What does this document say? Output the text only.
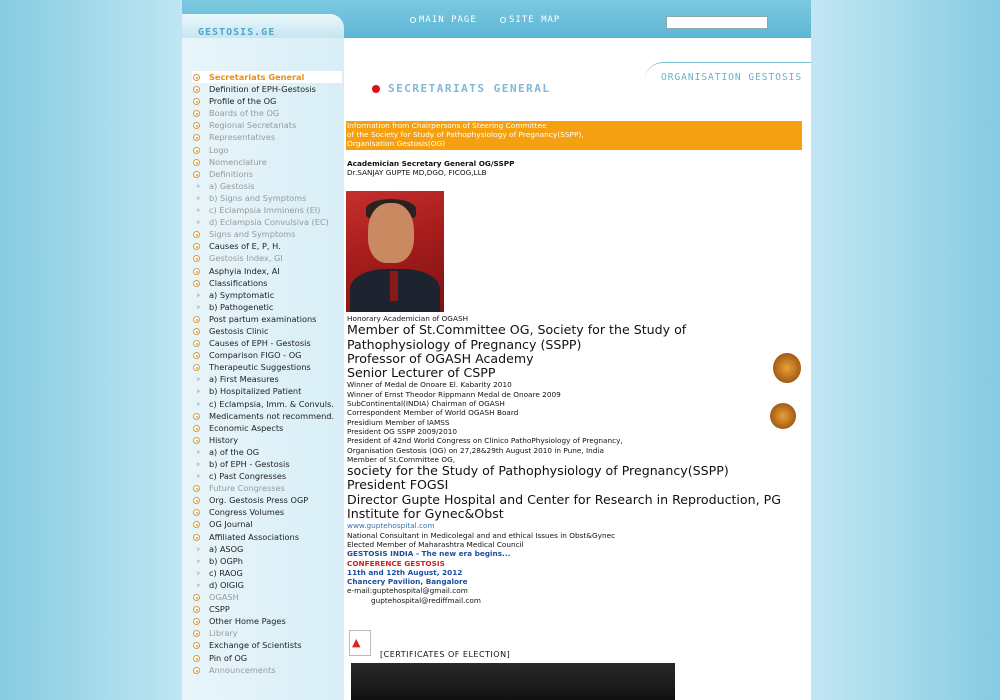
MAIN PAGE	SITE MAP
GESTOSIS.GE
Secretariats General
Definition of EPH-Gestosis
Profile of the OG
Boards of the OG
Regional Secretariats
Representatives
Logo
Nomenclature
Definitions
▹ a) Gestosis
▹ b) Signs and Symptoms
▹ c) Eclampsia Imminens (EI)
▹ d) Eclampsia Convulsiva (EC)
Signs and Symptoms
Causes of E, P, H.
Gestosis Index, GI
Asphyia Index, AI
Classifications
▹ a) Symptomatic
▹ b) Pathogenetic
Post partum examinations
Gestosis Clinic
Causes of EPH - Gestosis
Comparison FIGO - OG
Therapeutic Suggestions
▹ a) First Measures
▹ b) Hospitalized Patient
▹ c) Eclampsia, Imm. & Convuls.
Medicaments not recommend.
Economic Aspects
History
▹ a) of the OG
▹ b) of EPH - Gestosis
▹ c) Past Congresses
Future Congresses
Org. Gestosis Press OGP
Congress Volumes
OG Journal
Affiliated Associations
▹ a) ASOG
▹ b) OGPh
▹ c) RAOG
▹ d) OIGIG
OGASH
CSPP
Other Home Pages
Library
Exchange of Scientists
Pin of OG
Announcements
ORGANISATION GESTOSIS
SECRETARIATS GENERAL
Information from Chairpersons of Steering Committee
of the Society for Study of Pathophysiology of Pregnancy(SSPP),
Organisation Gestosis(OG)
Academician Secretary General OG/SSPP
Dr.SANJAY GUPTE MD,DGO, FICOG,LLB
Honorary Academician of OGASH
Member of St.Committee OG, Society for the Study of Pathophysiology of Pregnancy (SSPP)
Professor of OGASH Academy
Senior Lecturer of CSPP
Winner of Medal de Onoare El. Kabarity 2010
Winner of Ernst Theodor Rippmann Medal de Onoare 2009
SubContinental(INDIA) Chairman of OGASH
Correspondent Member of World OGASH Board
Presidium Member of IAMSS
President OG SSPP 2009/2010
President of 42nd World Congress on Clinico PathoPhysiology of Pregnancy,
Organisation Gestosis (OG) on 27,28&29th August 2010 in Pune, India
Member of St.Committee OG,
society for the Study of Pathophysiology of Pregnancy(SSPP)
President FOGSI
Director Gupte Hospital and Center for Research in Reproduction, PG
Institute for Gynec&Obst
www.guptehospital.com
National Consultant in Medicolegal and and ethical Issues in Obst&Gynec
Elected Member of Maharashtra Medical Council
GESTOSIS INDIA - The new era begins...
CONFERENCE GESTOSIS
11th and 12th August, 2012
Chancery Pavilion, Bangalore
e-mail:guptehospital@gmail.com
guptehospital@rediffmail.com
▲
[CERTIFICATES OF ELECTION]
